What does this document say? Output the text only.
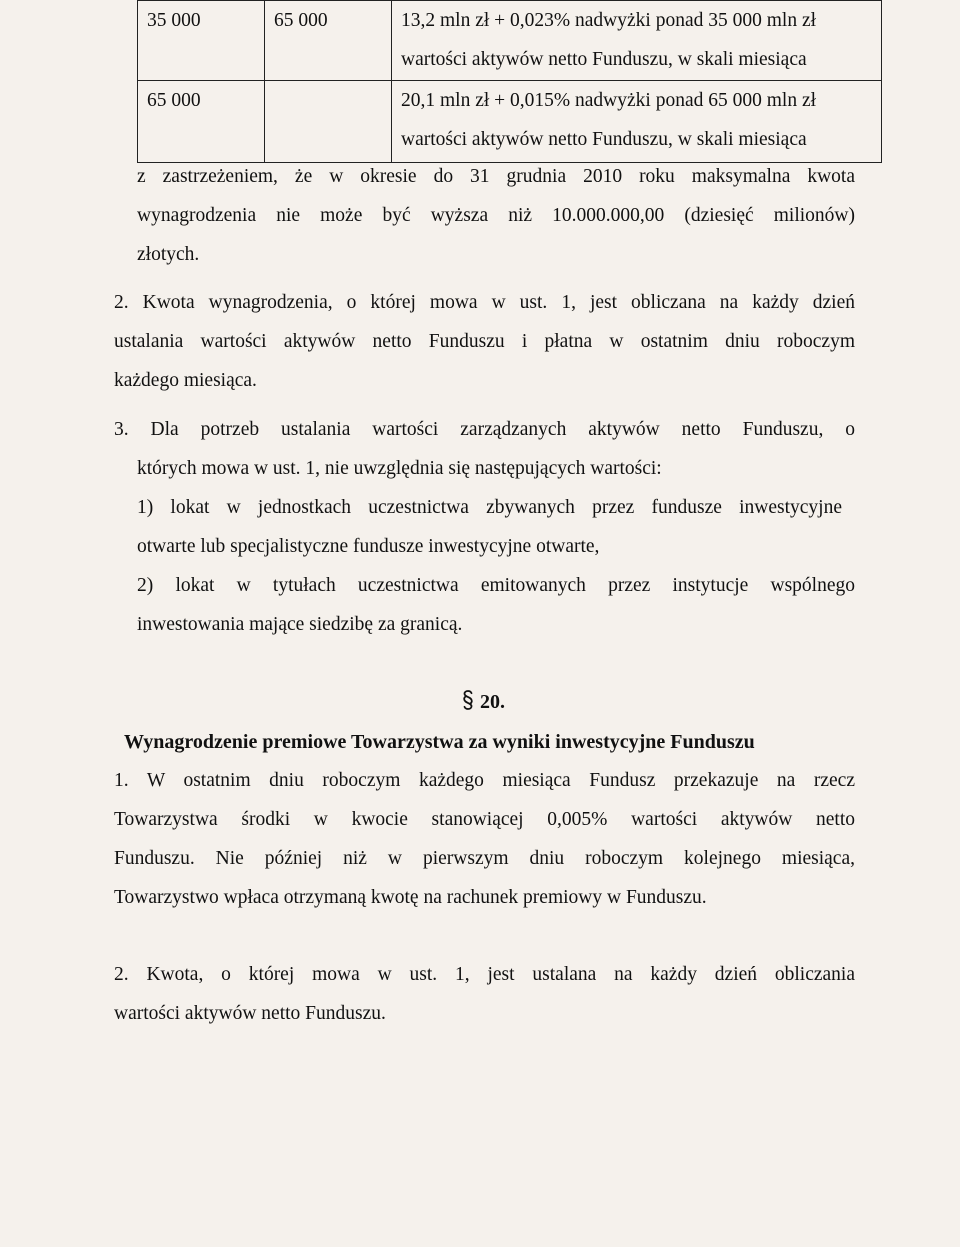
35 000	65 000	13,2 mln zł + 0,023% nadwyżki ponad 35 000 mln zł
wartości aktywów netto Funduszu, w skali miesiąca

65 000		20,1 mln zł + 0,015% nadwyżki ponad 65 000 mln zł
wartości aktywów netto Funduszu, w skali miesiąca
z zastrzeżeniem, że w okresie do 31 grudnia 2010 roku maksymalna kwota
wynagrodzenia nie może być wyższa niż 10.000.000,00 (dziesięć milionów)
złotych.
2. Kwota wynagrodzenia, o której mowa w ust. 1, jest obliczana na każdy dzień
ustalania wartości aktywów netto Funduszu i płatna w ostatnim dniu roboczym
każdego miesiąca.
3. Dla potrzeb ustalania wartości zarządzanych aktywów netto Funduszu, o
których mowa w ust. 1, nie uwzględnia się następujących wartości:
1) lokat w jednostkach uczestnictwa zbywanych przez fundusze inwestycyjne
otwarte lub specjalistyczne fundusze inwestycyjne otwarte,
2) lokat w tytułach uczestnictwa emitowanych przez instytucje wspólnego
inwestowania mające siedzibę za granicą.
20.
Wynagrodzenie premiowe Towarzystwa za wyniki inwestycyjne Funduszu
1. W ostatnim dniu roboczym każdego miesiąca Fundusz przekazuje na rzecz
Towarzystwa środki w kwocie stanowiącej 0,005% wartości aktywów netto
Funduszu. Nie później niż w pierwszym dniu roboczym kolejnego miesiąca,
Towarzystwo wpłaca otrzymaną kwotę na rachunek premiowy w Funduszu.
2. Kwota, o której mowa w ust. 1, jest ustalana na każdy dzień obliczania
wartości aktywów netto Funduszu.
